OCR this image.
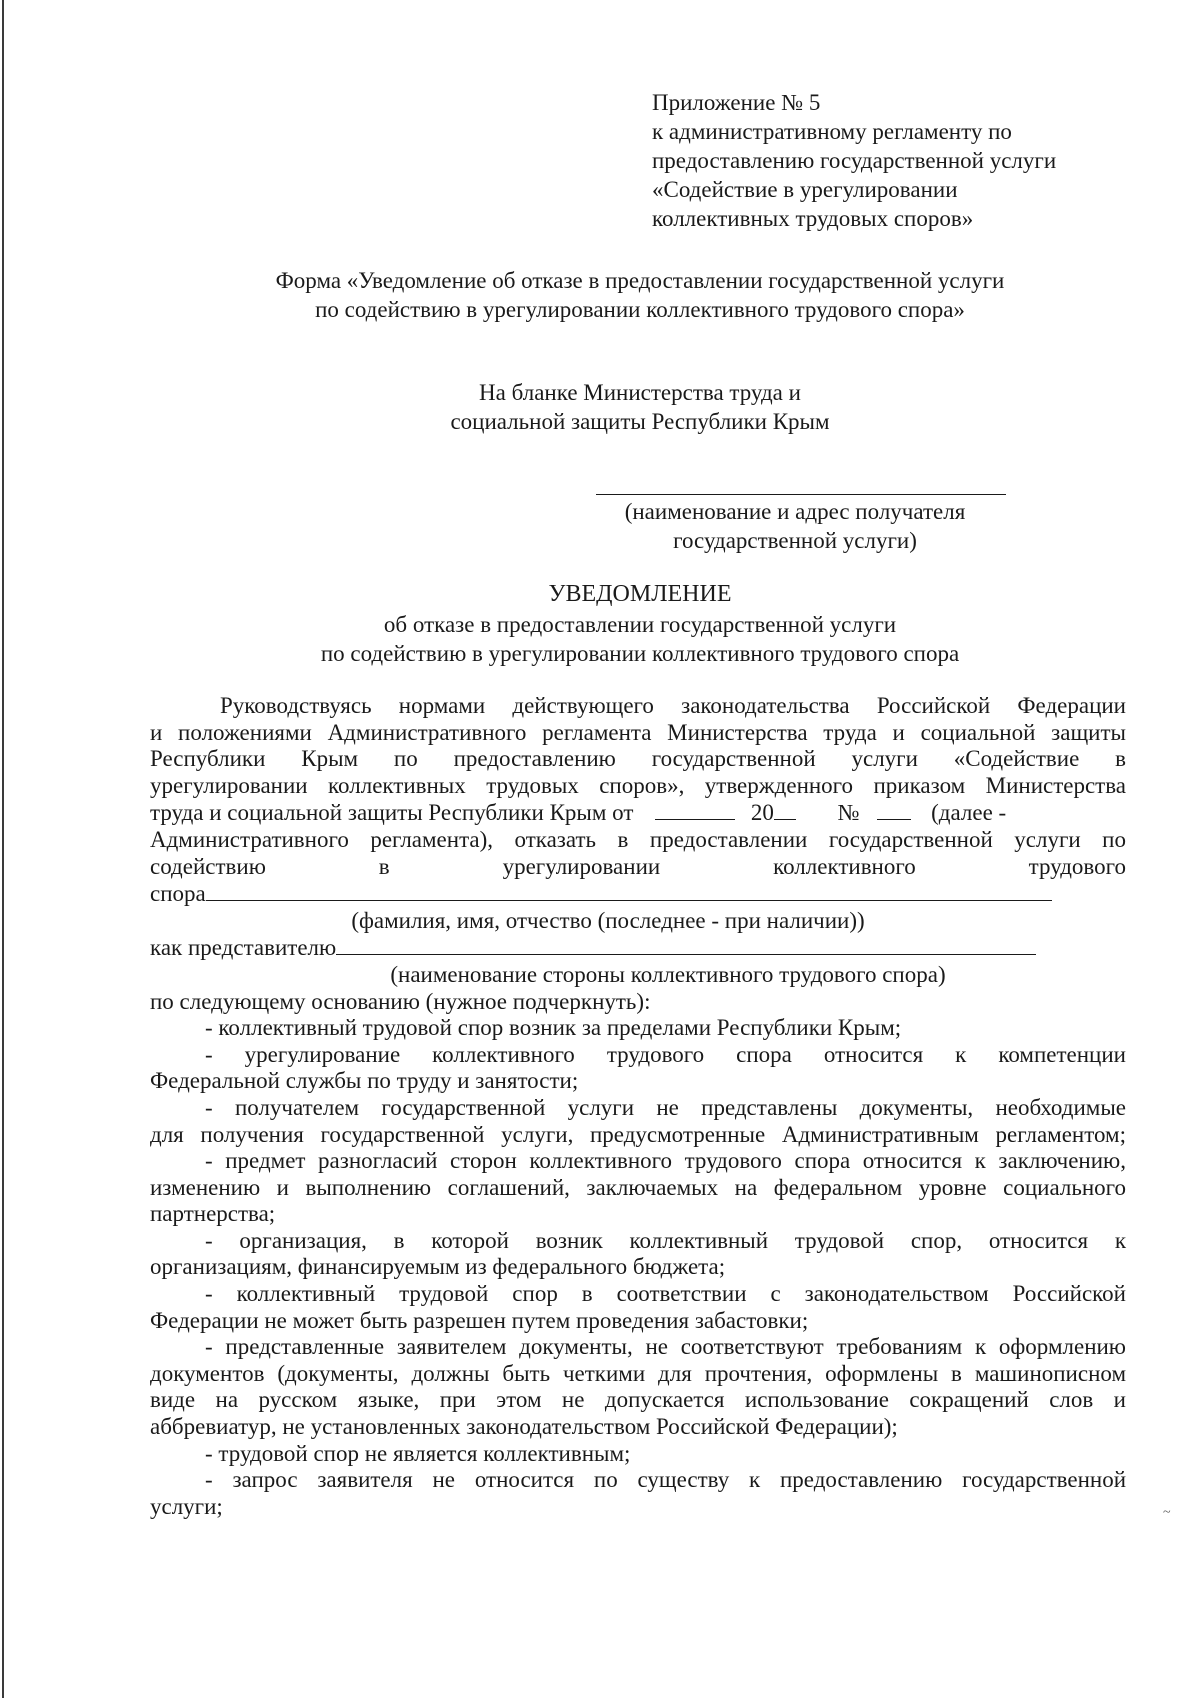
Приложение № 5
к административному регламенту по
предоставлению государственной услуги
«Содействие в урегулировании
коллективных трудовых споров»
Форма «Уведомление об отказе в предоставлении государственной услуги
по содействию в урегулировании коллективного трудового спора»
На бланке Министерства труда и
социальной защиты Республики Крым
(наименование и адрес получателя
государственной услуги)
УВЕДОМЛЕНИЕ
об отказе в предоставлении государственной услуги
по содействию в урегулировании коллективного трудового спора
Руководствуясь нормами действующего законодательства Российской Федерации
и положениями Административного регламента Министерства труда и социальной защиты
Республики Крым по предоставлению государственной услуги «Содействие в
урегулировании коллективных трудовых споров», утвержденного приказом Министерства
труда и социальной защиты Республики Крым от	20	№	(далее -
Административного регламента), отказать в предоставлении государственной услуги по
содействию в урегулировании коллективного трудового
спора
(фамилия, имя, отчество (последнее - при наличии))
как представителю
(наименование стороны коллективного трудового спора)
по следующему основанию (нужное подчеркнуть):
- коллективный трудовой спор возник за пределами Республики Крым;
- урегулирование коллективного трудового спора относится к компетенции
Федеральной службы по труду и занятости;
- получателем государственной услуги не представлены документы, необходимые
для получения государственной услуги, предусмотренные Административным регламентом;
- предмет разногласий сторон коллективного трудового спора относится к заключению,
изменению и выполнению соглашений, заключаемых на федеральном уровне социального
партнерства;
- организация, в которой возник коллективный трудовой спор, относится к
организациям, финансируемым из федерального бюджета;
- коллективный трудовой спор в соответствии с законодательством Российской
Федерации не может быть разрешен путем проведения забастовки;
- представленные заявителем документы, не соответствуют требованиям к оформлению
документов (документы, должны быть четкими для прочтения, оформлены в машинописном
виде на русском языке, при этом не допускается использование сокращений слов и
аббревиатур, не установленных законодательством Российской Федерации);
- трудовой спор не является коллективным;
- запрос заявителя не относится по существу к предоставлению государственной
услуги;	~
